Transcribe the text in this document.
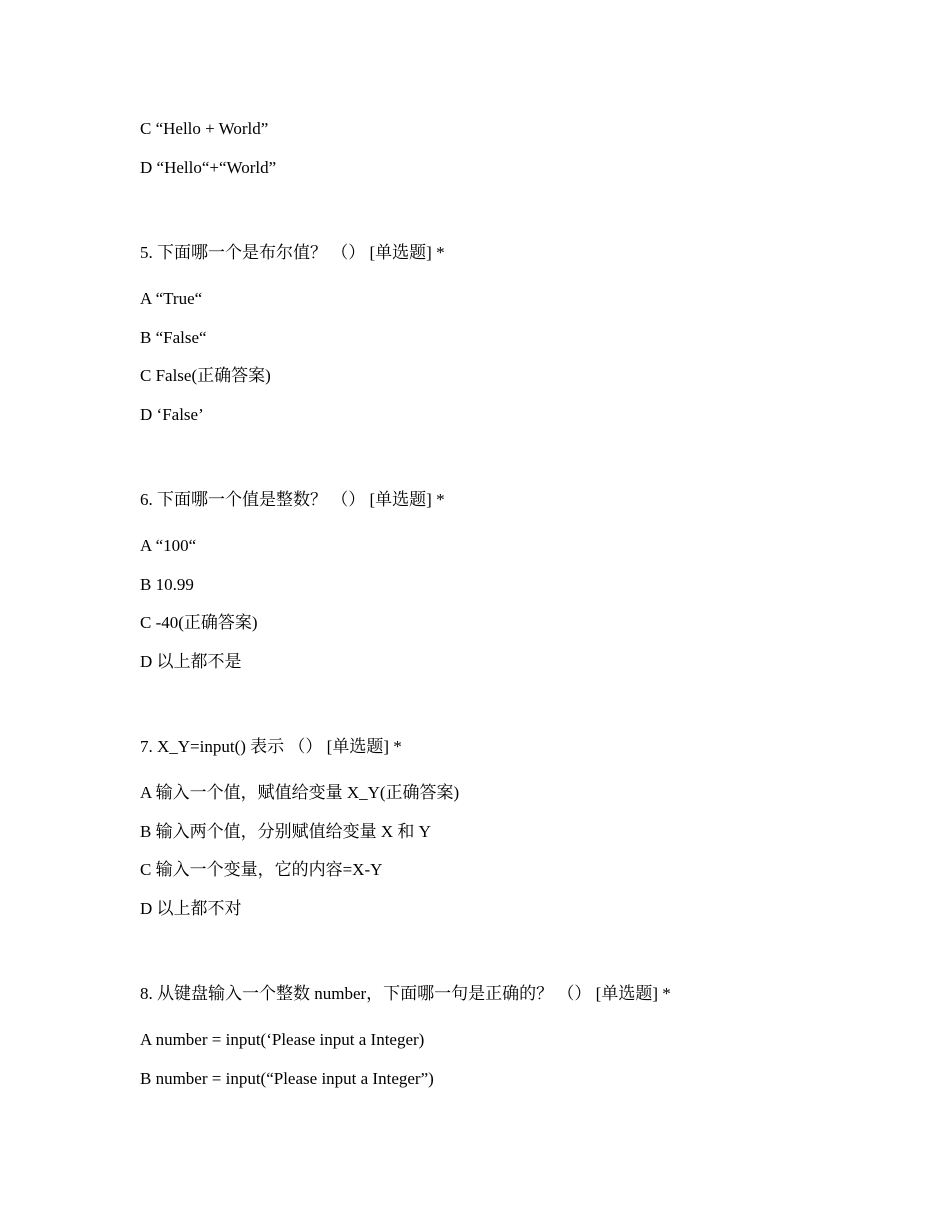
C “Hello + World”
D “Hello“+“World”
5. 下面哪一个是布尔值？ （） [单选题] *
A “True“
B “False“
C False(正确答案)
D ‘False’
6. 下面哪一个值是整数？ （） [单选题] *
A “100“
B 10.99
C -40(正确答案)
D 以上都不是
7. X_Y=input() 表示 （） [单选题] *
A 输入一个值，赋值给变量 X_Y(正确答案)
B 输入两个值，分别赋值给变量 X 和 Y
C 输入一个变量，它的内容=X-Y
D 以上都不对
8. 从键盘输入一个整数 number，下面哪一句是正确的？ （） [单选题] *
A number = input(‘Please input a Integer)
B number = input(“Please input a Integer”)
